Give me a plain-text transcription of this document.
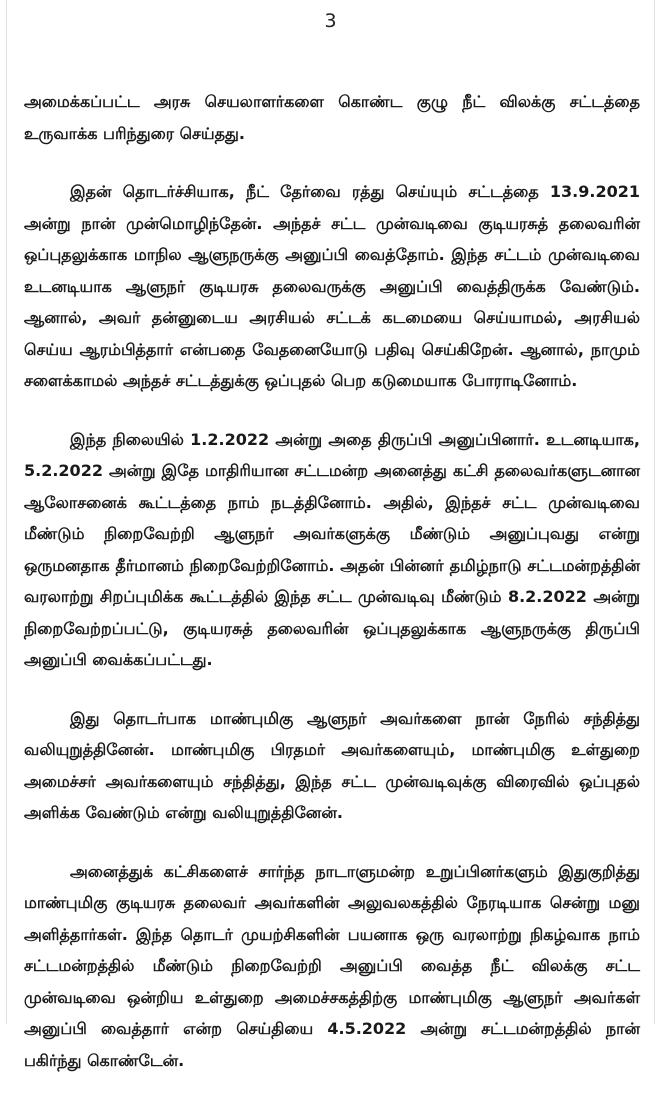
3

அமைக்கப்பட்ட அரசு செயலாளர்களை கொண்ட குழு நீட் விலக்கு சட்டத்தை உருவாக்க பரிந்துரை செய்தது.

இதன் தொடர்ச்சியாக, நீட் தேர்வை ரத்து செய்யும் சட்டத்தை 13.9.2021 அன்று நான் முன்மொழிந்தேன். அந்தச் சட்ட முன்வடிவை குடியரசுத் தலைவரின் ஒப்புதலுக்காக மாநில ஆளுநருக்கு அனுப்பி வைத்தோம். இந்த சட்டம் முன்வடிவை உடனடியாக ஆளுநர் குடியரசு தலைவருக்கு அனுப்பி வைத்திருக்க வேண்டும். ஆனால், அவர் தன்னுடைய அரசியல் சட்டக் கடமையை செய்யாமல், அரசியல் செய்ய ஆரம்பித்தார் என்பதை வேதனையோடு பதிவு செய்கிறேன். ஆனால், நாமும் சளைக்காமல் அந்தச் சட்டத்துக்கு ஒப்புதல் பெற கடுமையாக போராடினோம்.

இந்த நிலையில் 1.2.2022 அன்று அதை திருப்பி அனுப்பினார். உடனடியாக, 5.2.2022 அன்று இதே மாதிரியான சட்டமன்ற அனைத்து கட்சி தலைவர்களுடனான ஆலோசனைக் கூட்டத்தை நாம் நடத்தினோம். அதில், இந்தச் சட்ட முன்வடிவை மீண்டும் நிறைவேற்றி ஆளுநர் அவர்களுக்கு மீண்டும் அனுப்புவது என்று ஒருமனதாக தீர்மானம் நிறைவேற்றினோம். அதன் பின்னர் தமிழ்நாடு சட்டமன்றத்தின் வரலாற்று சிறப்புமிக்க கூட்டத்தில் இந்த சட்ட முன்வடிவு மீண்டும் 8.2.2022 அன்று நிறைவேற்றப்பட்டு, குடியரசுத் தலைவரின் ஒப்புதலுக்காக ஆளுநருக்கு திருப்பி அனுப்பி வைக்கப்பட்டது.

இது தொடர்பாக மாண்புமிகு ஆளுநர் அவர்களை நான் நேரில் சந்தித்து வலியுறுத்தினேன். மாண்புமிகு பிரதமர் அவர்களையும், மாண்புமிகு உள்துறை அமைச்சர் அவர்களையும் சந்தித்து, இந்த சட்ட முன்வடிவுக்கு விரைவில் ஒப்புதல் அளிக்க வேண்டும் என்று வலியுறுத்தினேன்.

அனைத்துக் கட்சிகளைச் சார்ந்த நாடாளுமன்ற உறுப்பினர்களும் இதுகுறித்து மாண்புமிகு குடியரசு தலைவர் அவர்களின் அலுவலகத்தில் நேரடியாக சென்று மனு அளித்தார்கள். இந்த தொடர் முயற்சிகளின் பயனாக ஒரு வரலாற்று நிகழ்வாக நாம் சட்டமன்றத்தில் மீண்டும் நிறைவேற்றி அனுப்பி வைத்த நீட் விலக்கு சட்ட முன்வடிவை ஒன்றிய உள்துறை அமைச்சகத்திற்கு மாண்புமிகு ஆளுநர் அவர்கள் அனுப்பி வைத்தார் என்ற செய்தியை 4.5.2022 அன்று சட்டமன்றத்தில் நான் பகிர்ந்து கொண்டேன்.
